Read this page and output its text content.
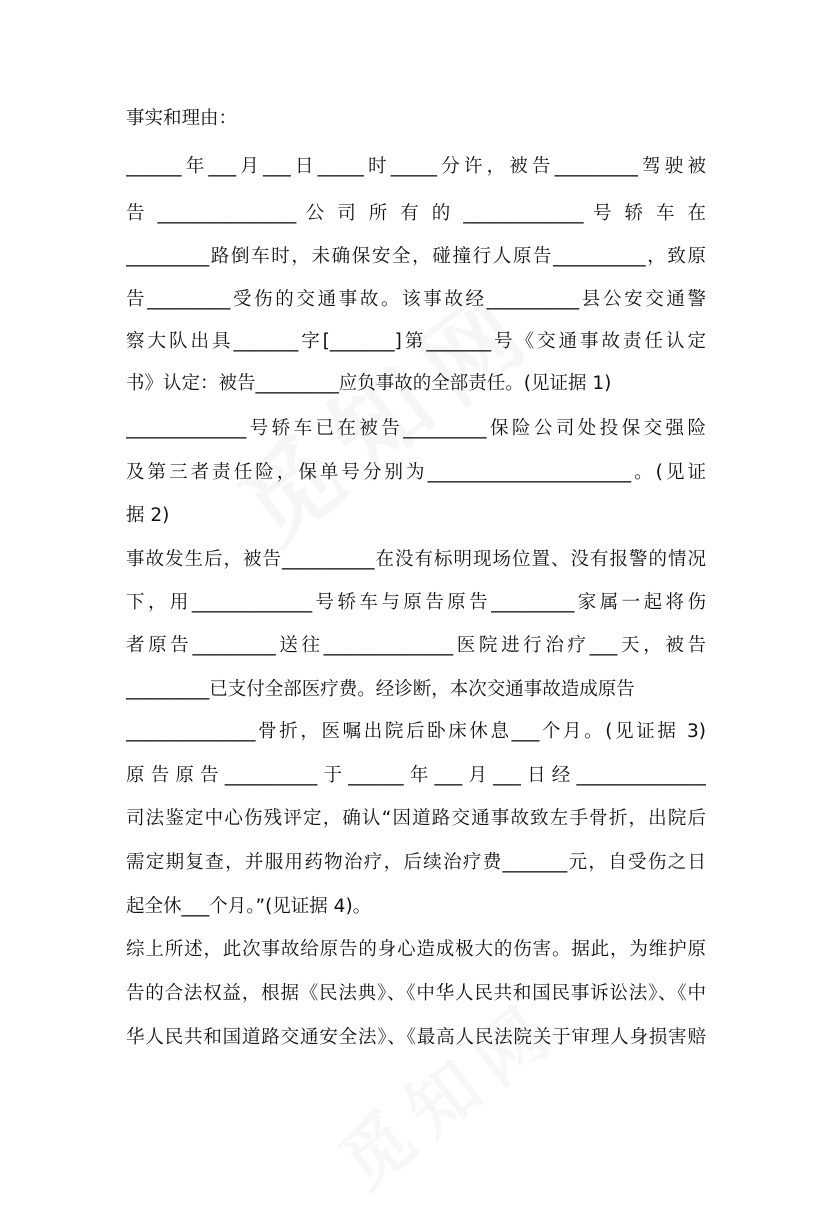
事实和理由：
______年___月___日_____时_____分许，被告_________驾驶被
告 _______________ 公 司 所 有 的 _____________ 号 轿 车 在
_________路倒车时，未确保安全，碰撞行人原告__________，致原
告_________受伤的交通事故。该事故经__________县公安交通警
察大队出具_______字[_______]第_______号《交通事故责任认定
书》认定：被告_________应负事故的全部责任。(见证据 1)
_____________号轿车已在被告_________保险公司处投保交强险
及第三者责任险，保单号分别为______________________。(见证
据 2)
事故发生后，被告__________在没有标明现场位置、没有报警的情况
下，用_____________号轿车与原告原告_________家属一起将伤
者原告_________送往______________医院进行治疗___天，被告
_________已支付全部医疗费。经诊断，本次交通事故造成原告
______________骨折，医嘱出院后卧床休息___个月。(见证据 3)
原告原告__________于______年___月___日经______________
司法鉴定中心伤残评定，确认“因道路交通事故致左手骨折，出院后
需定期复查，并服用药物治疗，后续治疗费_______元，自受伤之日
起全休___个月。”(见证据 4)。
综上所述，此次事故给原告的身心造成极大的伤害。据此，为维护原
告的合法权益，根据《民法典》、《中华人民共和国民事诉讼法》、《中
华人民共和国道路交通安全法》、《最高人民法院关于审理人身损害赔
